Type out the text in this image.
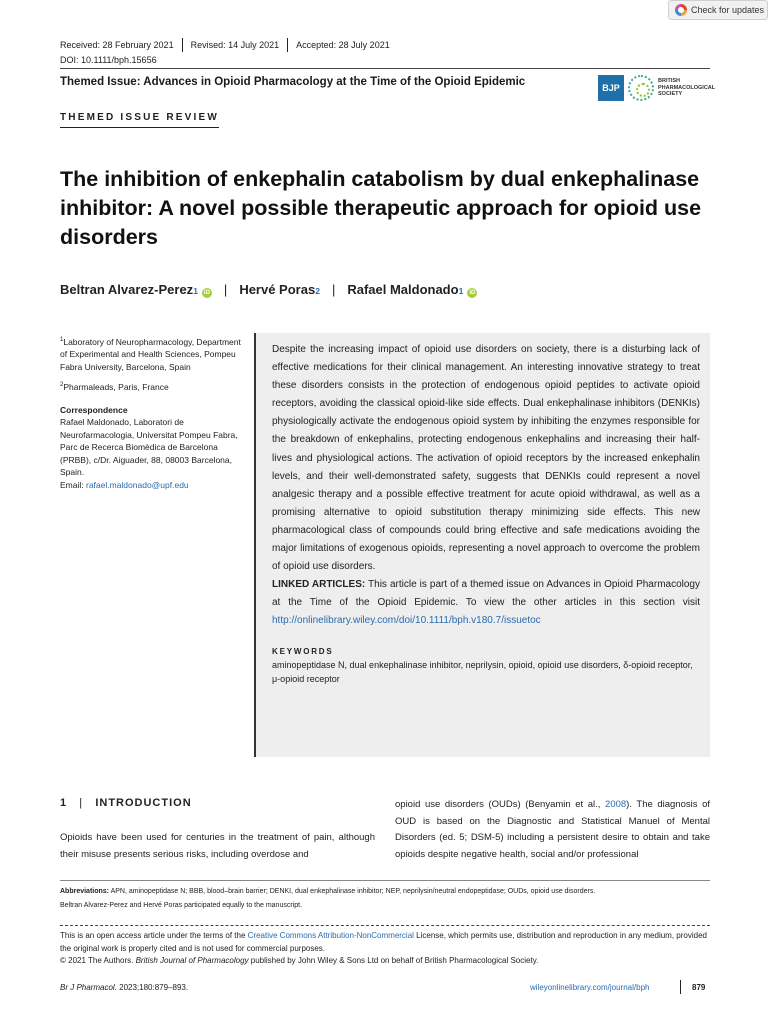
Check for updates
Received: 28 February 2021	Revised: 14 July 2021	Accepted: 28 July 2021
DOI: 10.1111/bph.15656
Themed Issue: Advances in Opioid Pharmacology at the Time of the Opioid Epidemic	BJP
BRITISH
PHARMACOLOGICAL
SOCIETY
THEMED ISSUE REVIEW
The inhibition of enkephalin catabolism by dual enkephalinase inhibitor: A novel possible therapeutic approach for opioid use disorders
Beltran Alvarez-Perez 1	iD | Hervé Poras 2 | Rafael Maldonado 1	iD

$^1$Laboratory of Neuropharmacology, Department of Experimental and Health Sciences, Pompeu Fabra University, Barcelona, Spain

$^2$Pharmaleads, Paris, France

Correspondence

Rafael Maldonado, Laboratori de Neurofarmacologia, Universitat Pompeu Fabra, Parc de Recerca Biomèdica de Barcelona (PRBB), c/Dr. Aiguader, 88, 08003 Barcelona, Spain.
Email: rafael.maldonado@upf.edu

Despite the increasing impact of opioid use disorders on society, there is a disturbing lack of effective medications for their clinical management. An interesting innovative strategy to treat these disorders consists in the protection of endogenous opioid peptides to activate opioid receptors, avoiding the classical opioid-like side effects. Dual enkephalinase inhibitors (DENKIs) physiologically activate the endogenous opioid system by inhibiting the enzymes responsible for the breakdown of enkephalins, protecting endogenous enkephalins and increasing their half-lives and physiological actions. The activation of opioid receptors by the increased enkephalin levels, and their well-demonstrated safety, suggests that DENKIs could represent a novel analgesic therapy and a possible effective treatment for acute opioid withdrawal, as well as a promising alternative to opioid substitution therapy minimizing side effects. This new pharmacological class of compounds could bring effective and safe medications avoiding the major limitations of exogenous opioids, representing a novel approach to overcome the problem of opioid use disorders.

LINKED ARTICLES: This article is part of a themed issue on Advances in Opioid Pharmacology at the Time of the Opioid Epidemic. To view the other articles in this section visit http://onlinelibrary.wiley.com/doi/10.1111/bph.v180.7/issuetoc

KEYWORDS
aminopeptidase N, dual enkephalinase inhibitor, neprilysin, opioid, opioid use disorders, δ-opioid receptor, μ-opioid receptor
1 | INTRODUCTION

Opioids have been used for centuries in the treatment of pain, although their misuse presents serious risks, including overdose and

opioid use disorders (OUDs) (Benyamin et al., 2008). The diagnosis of OUD is based on the Diagnostic and Statistical Manuel of Mental Disorders (ed. 5; DSM-5) including a persistent desire to obtain and take opioids despite negative health, social and/or professional

Abbreviations: APN, aminopeptidase N; BBB, blood–brain barrier; DENKI, dual enkephalinase inhibitor; NEP, neprilysin/neutral endopeptidase; OUDs, opioid use disorders.
Beltran Alvarez-Perez and Hervé Poras participated equally to the manuscript.
This is an open access article under the terms of the Creative Commons Attribution-NonCommercial License, which permits use, distribution and reproduction in any medium, provided the original work is properly cited and is not used for commercial purposes.
© 2021 The Authors. British Journal of Pharmacology published by John Wiley & Sons Ltd on behalf of British Pharmacological Society.
Br J Pharmacol. 2023;180:879–893.	wileyonlinelibrary.com/journal/bph	879
